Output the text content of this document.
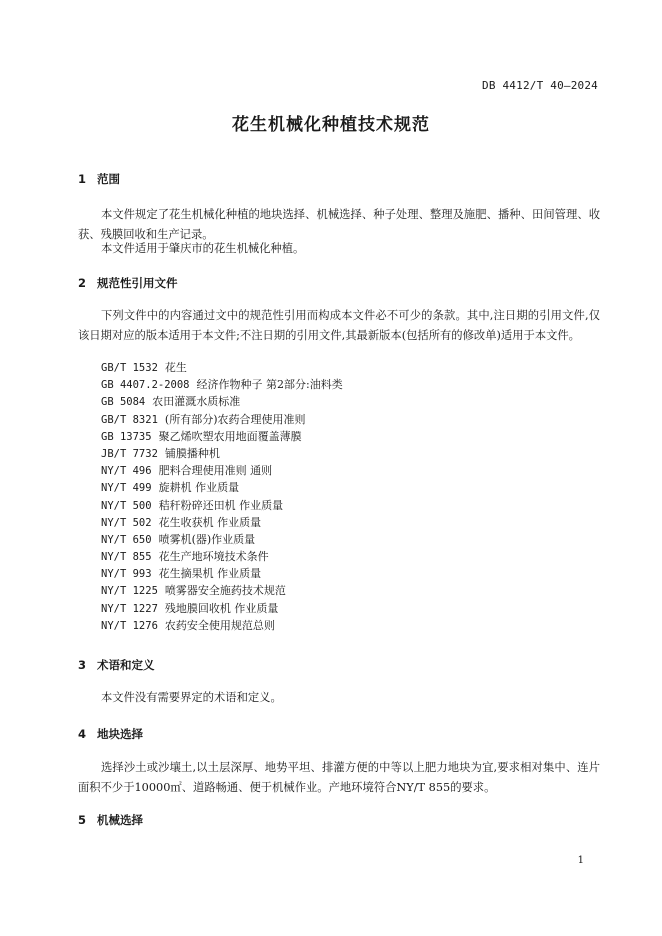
DB 4412/T 40—2024
花生机械化种植技术规范
1 范围

本文件规定了花生机械化种植的地块选择、机械选择、种子处理、整理及施肥、播种、田间管理、收获、残膜回收和生产记录。

本文件适用于肇庆市的花生机械化种植。

2 规范性引用文件

下列文件中的内容通过文中的规范性引用而构成本文件必不可少的条款。其中,注日期的引用文件,仅该日期对应的版本适用于本文件;不注日期的引用文件,其最新版本(包括所有的修改单)适用于本文件。

GB/T 1532 花生
GB 4407.2-2008 经济作物种子 第2部分:油料类
GB 5084 农田灌溉水质标准
GB/T 8321 (所有部分)农药合理使用准则
GB 13735 聚乙烯吹塑农用地面覆盖薄膜
JB/T 7732 铺膜播种机
NY/T 496 肥料合理使用准则 通则
NY/T 499 旋耕机 作业质量
NY/T 500 秸秆粉碎还田机 作业质量
NY/T 502 花生收获机 作业质量
NY/T 650 喷雾机(器)作业质量
NY/T 855 花生产地环境技术条件
NY/T 993 花生摘果机 作业质量
NY/T 1225 喷雾器安全施药技术规范
NY/T 1227 残地膜回收机 作业质量
NY/T 1276 农药安全使用规范总则
3 术语和定义

本文件没有需要界定的术语和定义。

4 地块选择

选择沙土或沙壤土,以土层深厚、地势平坦、排灌方便的中等以上肥力地块为宜,要求相对集中、连片面积不少于10000㎡、道路畅通、便于机械作业。产地环境符合NY/T 855的要求。

5 机械选择
1
